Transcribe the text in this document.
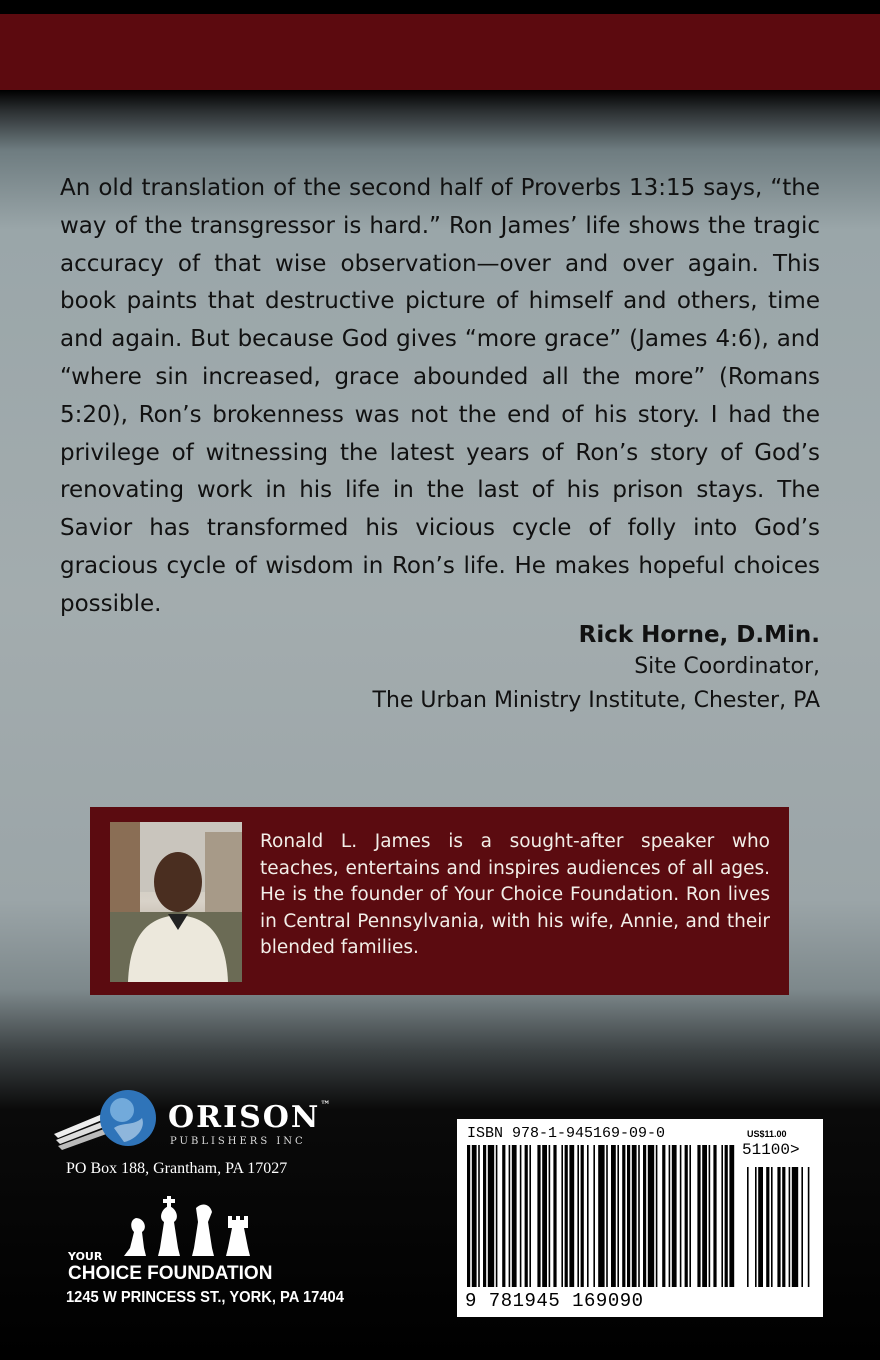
An old translation of the second half of Proverbs 13:15 says, “the way of the transgressor is hard.” Ron James’ life shows the tragic accuracy of that wise observation—over and over again. This book paints that destructive picture of himself and others, time and again. But because God gives “more grace” (James 4:6), and “where sin increased, grace abounded all the more” (Romans 5:20), Ron’s brokenness was not the end of his story. I had the privilege of witnessing the latest years of Ron’s story of God’s renovating work in his life in the last of his prison stays. The Savior has transformed his vicious cycle of folly into God’s gracious cycle of wisdom in Ron’s life. He makes hopeful choices possible.

Rick Horne, D.Min.
Site Coordinator,
The Urban Ministry Institute, Chester, PA

Ronald L. James is a sought-after speaker who teaches, entertains and inspires audiences of all ages. He is the founder of Your Choice Foundation. Ron lives in Central Pennsylvania, with his wife, Annie, and their blended families.

ORISON™
PUBLISHERS INC
PO Box 188, Grantham, PA 17027
YOUR
CHOICE FOUNDATION
1245 W PRINCESS ST., YORK, PA 17404
ISBN 978-1-945169-09-0	US$11.00
51100>
9 781945 169090
